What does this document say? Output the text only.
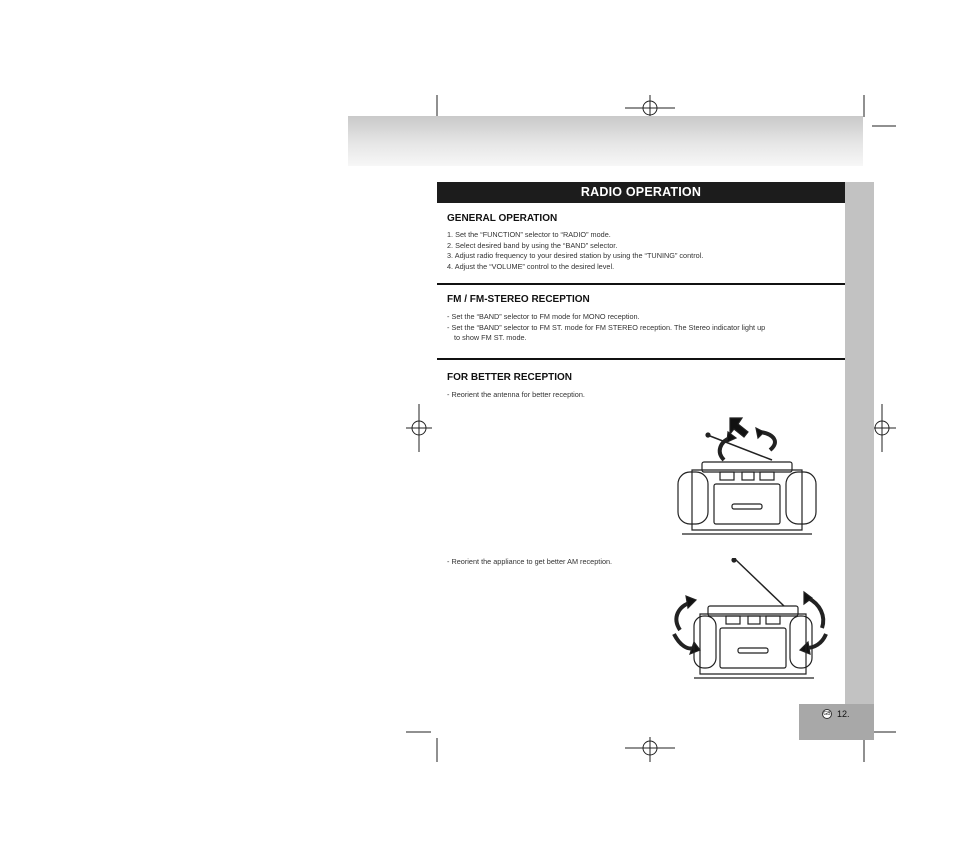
GB 12.
RADIO OPERATION
GENERAL OPERATION
1. Set the “FUNCTION” selector to “RADIO” mode.
2. Select desired band by using the “BAND” selector.
3. Adjust radio frequency to your desired station by using the “TUNING” control.
4. Adjust the “VOLUME” control to the desired level.
FM / FM-STEREO RECEPTION
- Set the “BAND” selector to FM mode for MONO reception.
- Set the “BAND” selector to FM ST. mode for FM STEREO reception. The Stereo indicator light up
to show FM ST. mode.
FOR BETTER RECEPTION
- Reorient the antenna for better reception.
- Reorient the appliance to get better AM reception.
